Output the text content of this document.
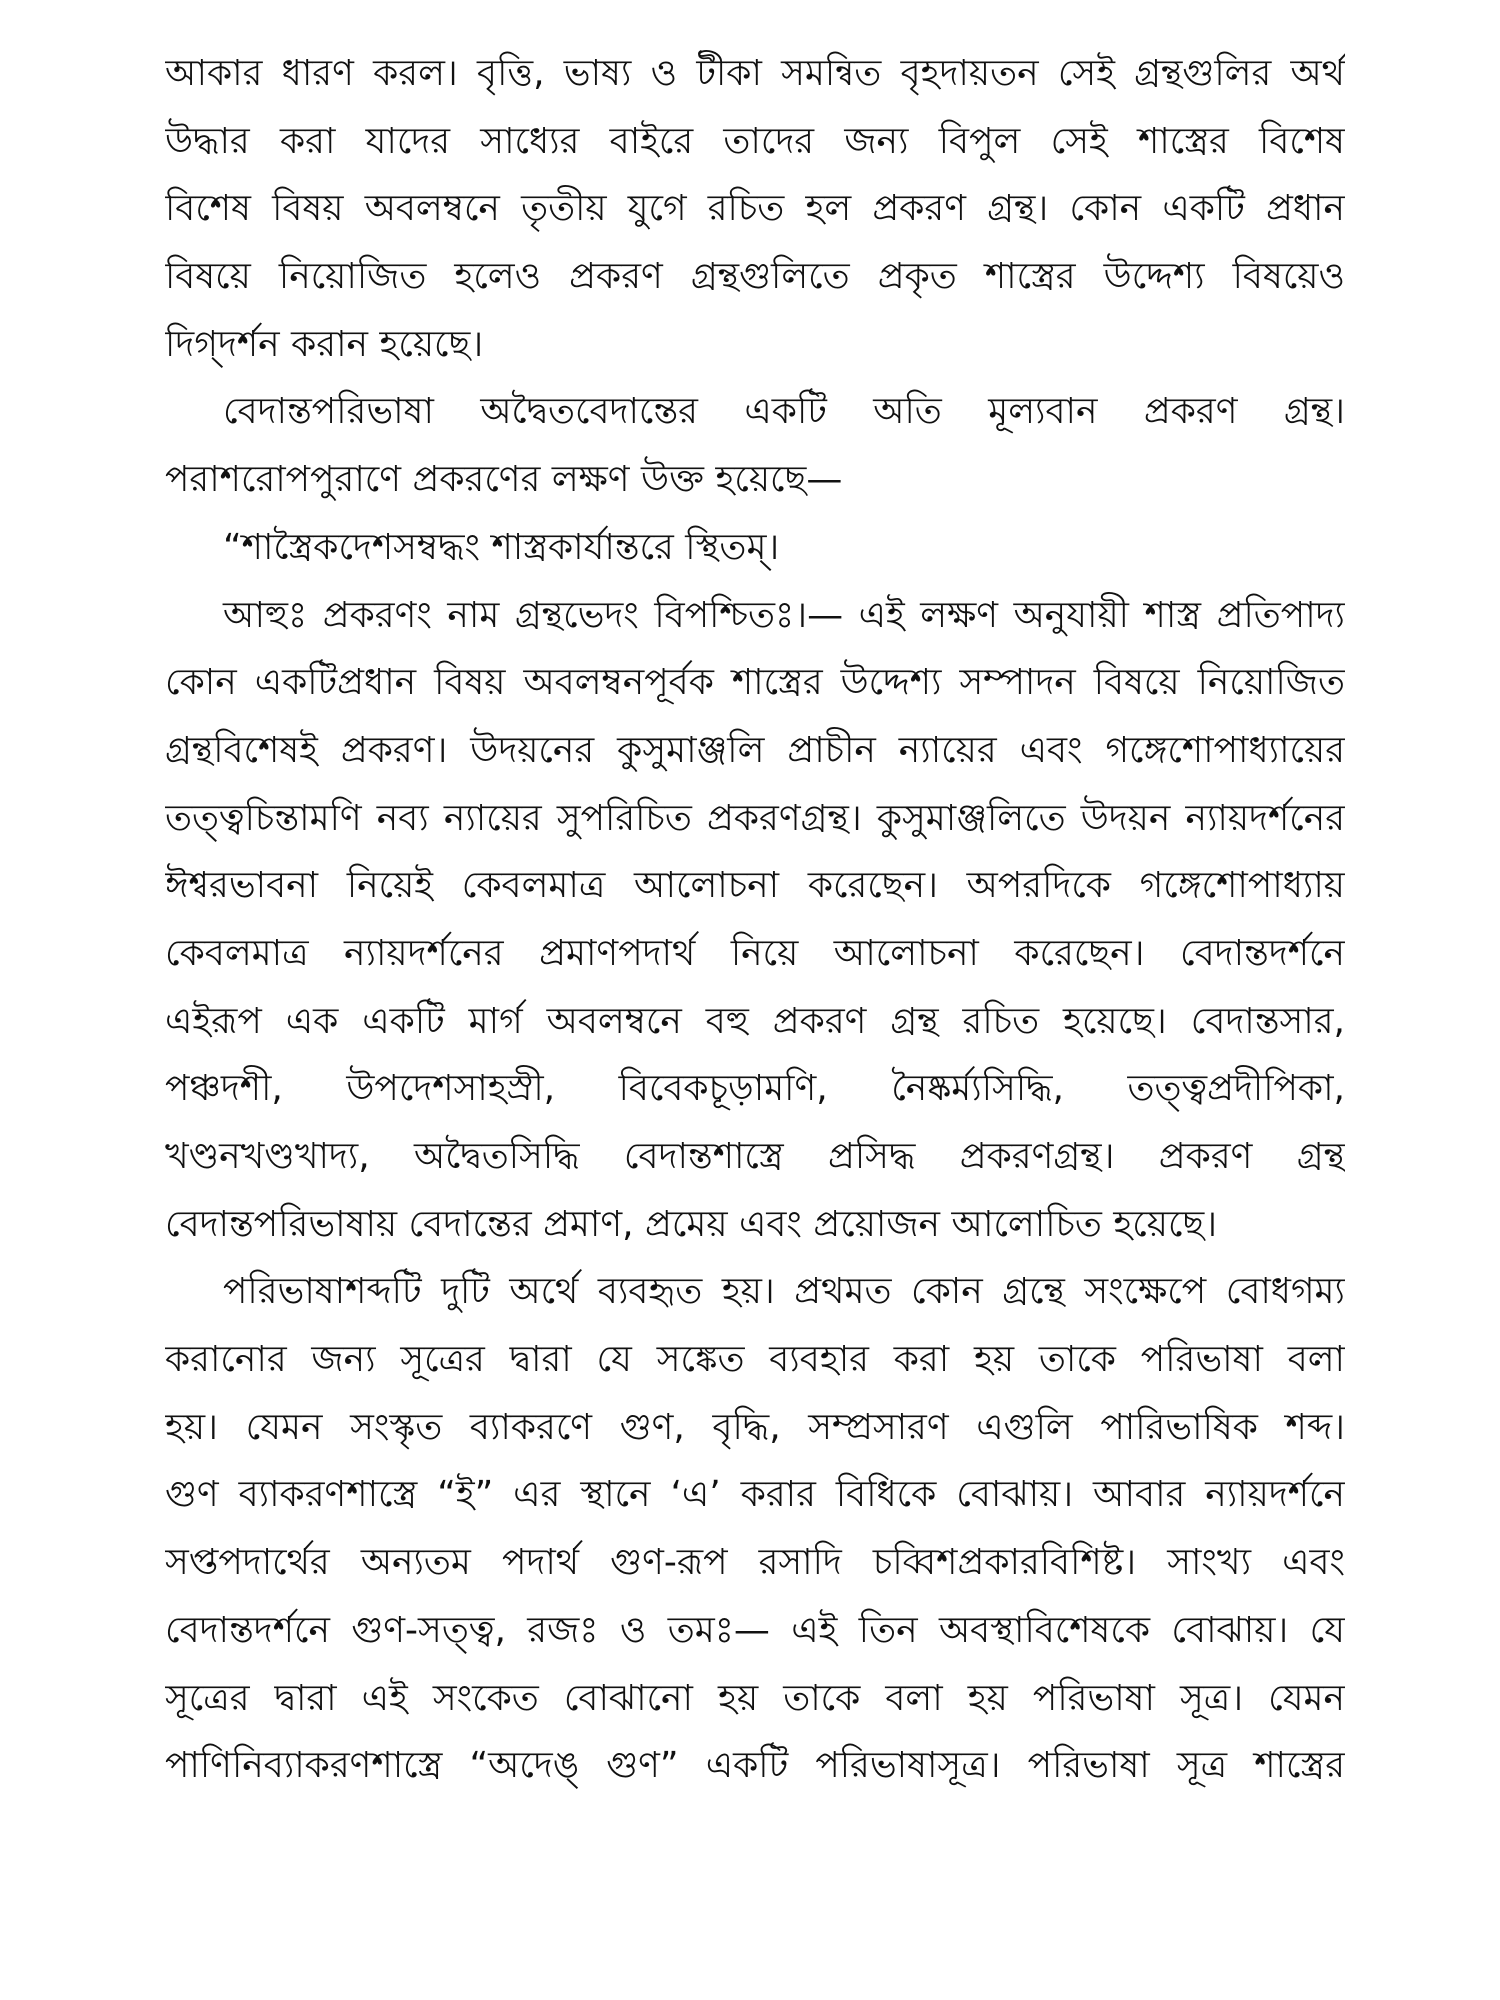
আকার ধারণ করল। বৃত্তি, ভাষ্য ও টীকা সমন্বিত বৃহদায়তন সেই গ্রন্থগুলির অর্থ
উদ্ধার করা যাদের সাধ্যের বাইরে তাদের জন্য বিপুল সেই শাস্ত্রের বিশেষ
বিশেষ বিষয় অবলম্বনে তৃতীয় যুগে রচিত হল প্রকরণ গ্রন্থ। কোন একটি প্রধান
বিষয়ে নিয়োজিত হলেও প্রকরণ গ্রন্থগুলিতে প্রকৃত শাস্ত্রের উদ্দেশ্য বিষয়েও
দিগ্‌দর্শন করান হয়েছে।
বেদান্তপরিভাষা অদ্বৈতবেদান্তের একটি অতি মূল্যবান প্রকরণ গ্রন্থ।
পরাশরোপপুরাণে প্রকরণের লক্ষণ উক্ত হয়েছে—
“শাস্ত্রৈকদেশসম্বদ্ধং শাস্ত্রকার্যান্তরে স্থিতম্।
আহুঃ প্রকরণং নাম গ্রন্থভেদং বিপশ্চিতঃ।— এই লক্ষণ অনুযায়ী শাস্ত্র প্রতিপাদ্য
কোন একটিপ্রধান বিষয় অবলম্বনপূর্বক শাস্ত্রের উদ্দেশ্য সম্পাদন বিষয়ে নিয়োজিত
গ্রন্থবিশেষই প্রকরণ। উদয়নের কুসুমাঞ্জলি প্রাচীন ন্যায়ের এবং গঙ্গেশোপাধ্যায়ের
তত্ত্বচিন্তামণি নব্য ন্যায়ের সুপরিচিত প্রকরণগ্রন্থ। কুসুমাঞ্জলিতে উদয়ন ন্যায়দর্শনের
ঈশ্বরভাবনা নিয়েই কেবলমাত্র আলোচনা করেছেন। অপরদিকে গঙ্গেশোপাধ্যায়
কেবলমাত্র ন্যায়দর্শনের প্রমাণপদার্থ নিয়ে আলোচনা করেছেন। বেদান্তদর্শনে
এইরূপ এক একটি মার্গ অবলম্বনে বহু প্রকরণ গ্রন্থ রচিত হয়েছে। বেদান্তসার,
পঞ্চদশী, উপদেশসাহস্রী, বিবেকচূড়ামণি, নৈষ্কর্ম্যসিদ্ধি, তত্ত্বপ্রদীপিকা,
খণ্ডনখণ্ডখাদ্য, অদ্বৈতসিদ্ধি বেদান্তশাস্ত্রে প্রসিদ্ধ প্রকরণগ্রন্থ। প্রকরণ গ্রন্থ
বেদান্তপরিভাষায় বেদান্তের প্রমাণ, প্রমেয় এবং প্রয়োজন আলোচিত হয়েছে।
পরিভাষাশব্দটি দুটি অর্থে ব্যবহৃত হয়। প্রথমত কোন গ্রন্থে সংক্ষেপে বোধগম্য
করানোর জন্য সূত্রের দ্বারা যে সঙ্কেত ব্যবহার করা হয় তাকে পরিভাষা বলা
হয়। যেমন সংস্কৃত ব্যাকরণে গুণ, বৃদ্ধি, সম্প্রসারণ এগুলি পারিভাষিক শব্দ।
গুণ ব্যাকরণশাস্ত্রে “ই” এর স্থানে ‘এ’ করার বিধিকে বোঝায়। আবার ন্যায়দর্শনে
সপ্তপদার্থের অন্যতম পদার্থ গুণ-রূপ রসাদি চব্বিশপ্রকারবিশিষ্ট। সাংখ্য এবং
বেদান্তদর্শনে গুণ-সত্ত্ব, রজঃ ও তমঃ— এই তিন অবস্থাবিশেষকে বোঝায়। যে
সূত্রের দ্বারা এই সংকেত বোঝানো হয় তাকে বলা হয় পরিভাষা সূত্র। যেমন
পাণিনিব্যাকরণশাস্ত্রে “অদেঙ্ গুণ” একটি পরিভাষাসূত্র। পরিভাষা সূত্র শাস্ত্রের
